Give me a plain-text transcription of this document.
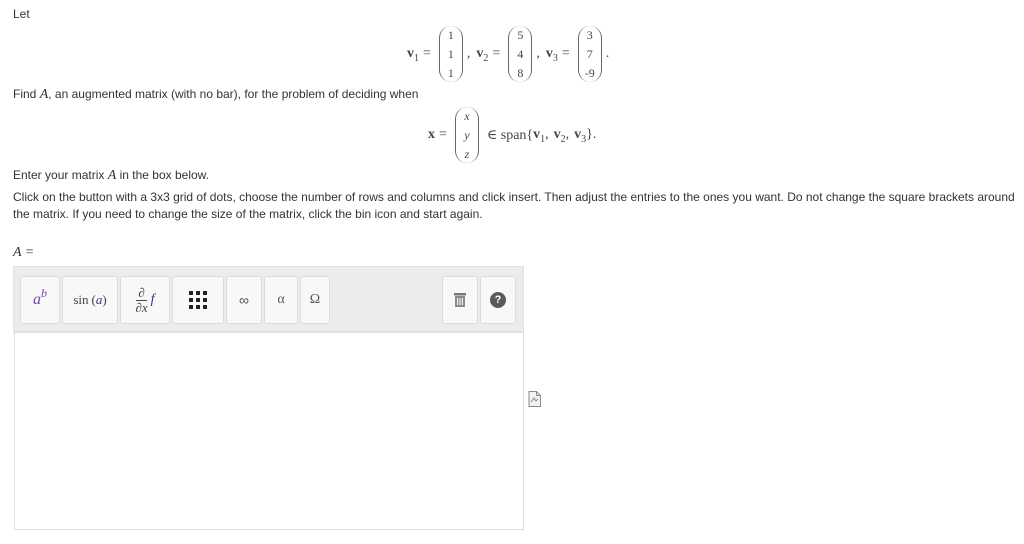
Let
v 1 =
1
1
1
, v 2 =
5
4
8
, v 3 =
3
7
-9
.
Find A, an augmented matrix (with no bar), for the problem of deciding when
x =
x
y
z
∈ span{ v 1 , v 2 , v 3 }.
Enter your matrix A in the box below.
Click on the button with a 3x3 grid of dots, choose the number of rows and columns and click insert. Then adjust the entries to the ones you want. Do not change the square brackets around the matrix. If you need to change the size of the matrix, click the bin icon and start again.
A =
a b sin ( a ) ∂
∂x f	∞ α Ω	?
